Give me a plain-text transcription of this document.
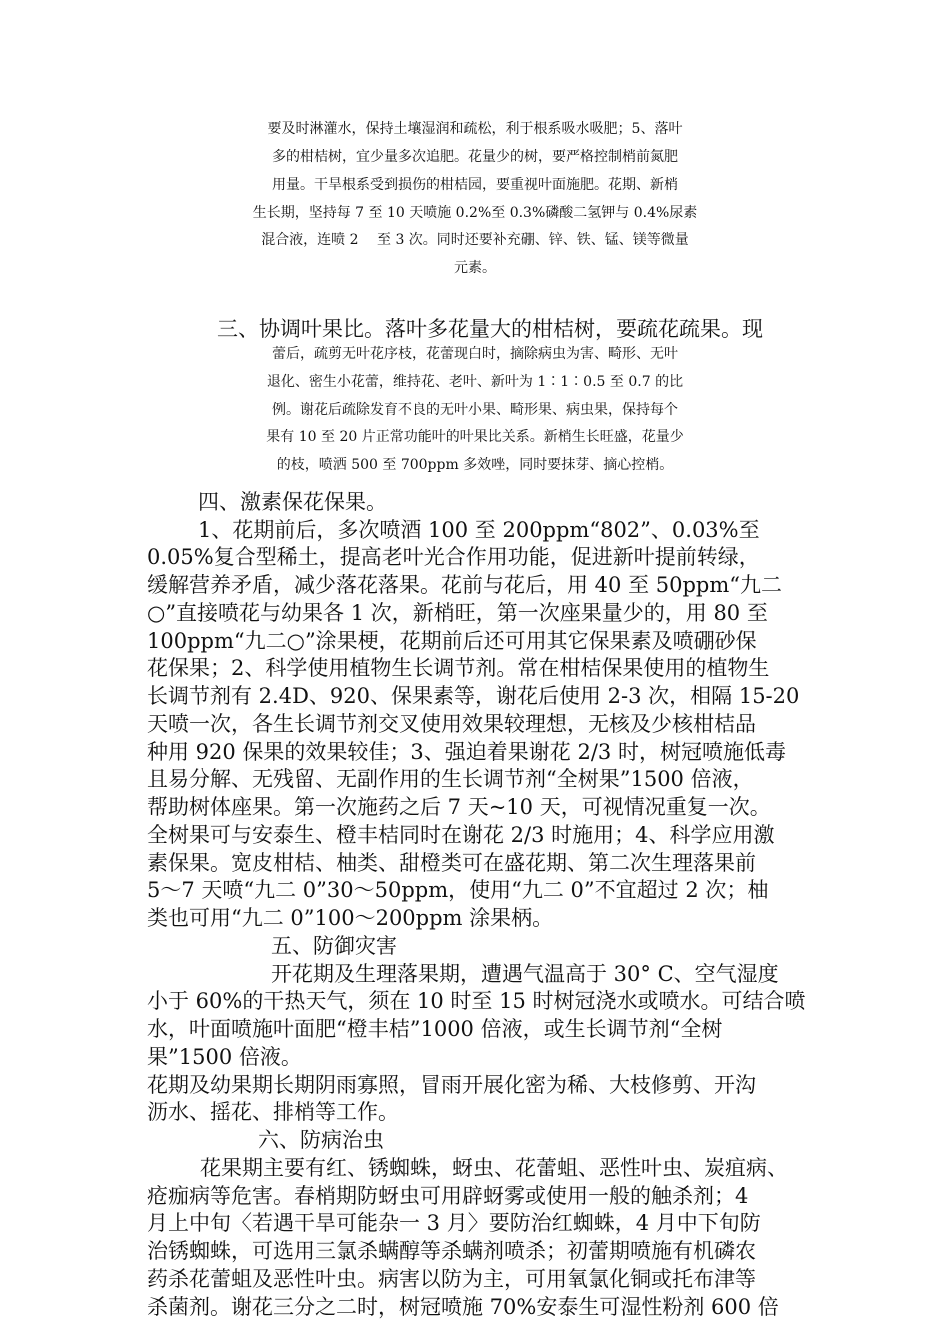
要及时淋灌水，保持土壤湿润和疏松，利于根系吸水吸肥；5、落叶
多的柑桔树，宜少量多次追肥。花量少的树，要严格控制梢前氮肥
用量。干旱根系受到损伤的柑桔园，要重视叶面施肥。花期、新梢
生长期，坚持每 7 至 10 天喷施 0.2%至 0.3%磷酸二氢钾与 0.4%尿素
混合液，连喷 2　 至 3 次。同时还要补充硼、锌、铁、锰、镁等微量
元素。
三、协调叶果比。落叶多花量大的柑桔树，要疏花疏果。现
蕾后，疏剪无叶花序枝，花蕾现白时，摘除病虫为害、畸形、无叶
退化、密生小花蕾，维持花、老叶、新叶为 1∶1∶0.5 至 0.7 的比
例。谢花后疏除发育不良的无叶小果、畸形果、病虫果，保持每个
果有 10 至 20 片正常功能叶的叶果比关系。新梢生长旺盛，花量少
的枝，喷洒 500 至 700ppm 多效唑，同时要抹芽、摘心控梢。
四、激素保花保果。
1、花期前后，多次喷酒 100 至 200ppm“802”、0.03%至
0.05%复合型稀土，提高老叶光合作用功能，促进新叶提前转绿，
缓解营养矛盾，减少落花落果。花前与花后，用 40 至 50ppm“九二
○”直接喷花与幼果各 1 次，新梢旺，第一次座果量少的，用 80 至
100ppm“九二○”涂果梗，花期前后还可用其它保果素及喷硼砂保
花保果；2、科学使用植物生长调节剂。常在柑桔保果使用的植物生
长调节剂有 2.4D、920、保果素等，谢花后使用 2-3 次，相隔 15-20
天喷一次，各生长调节剂交叉使用效果较理想，无核及少核柑桔品
种用 920 保果的效果较佳；3、强迫着果谢花 2/3 时，树冠喷施低毒
且易分解、无残留、无副作用的生长调节剂“全树果”1500 倍液，
帮助树体座果。第一次施药之后 7 天~10 天，可视情况重复一次。
全树果可与安泰生、橙丰桔同时在谢花 2/3 时施用；4、科学应用激
素保果。宽皮柑桔、柚类、甜橙类可在盛花期、第二次生理落果前
5～7 天喷“九二 0”30～50ppm，使用“九二 0”不宜超过 2 次；柚
类也可用“九二 0”100～200ppm 涂果柄。
五、防御灾害
开花期及生理落果期，遭遇气温高于 30° C、空气湿度
小于 60%的干热天气，须在 10 时至 15 时树冠浇水或喷水。可结合喷
水，叶面喷施叶面肥“橙丰桔”1000 倍液，或生长调节剂“全树
果”1500 倍液。
花期及幼果期长期阴雨寡照，冒雨开展化密为稀、大枝修剪、开沟
沥水、摇花、排梢等工作。
六、防病治虫
花果期主要有红、锈蜘蛛，蚜虫、花蕾蛆、恶性叶虫、炭疽病、
疮痂病等危害。春梢期防蚜虫可用辟蚜雾或使用一般的触杀剂；4
月上中旬〈若遇干旱可能杂一 3 月〉要防治红蜘蛛，4 月中下旬防
治锈蜘蛛，可选用三氯杀螨醇等杀螨剂喷杀；初蕾期喷施有机磷农
药杀花蕾蛆及恶性叶虫。病害以防为主，可用氧氯化铜或托布津等
杀菌剂。谢花三分之二时，树冠喷施 70%安泰生可湿性粉剂 600 倍
